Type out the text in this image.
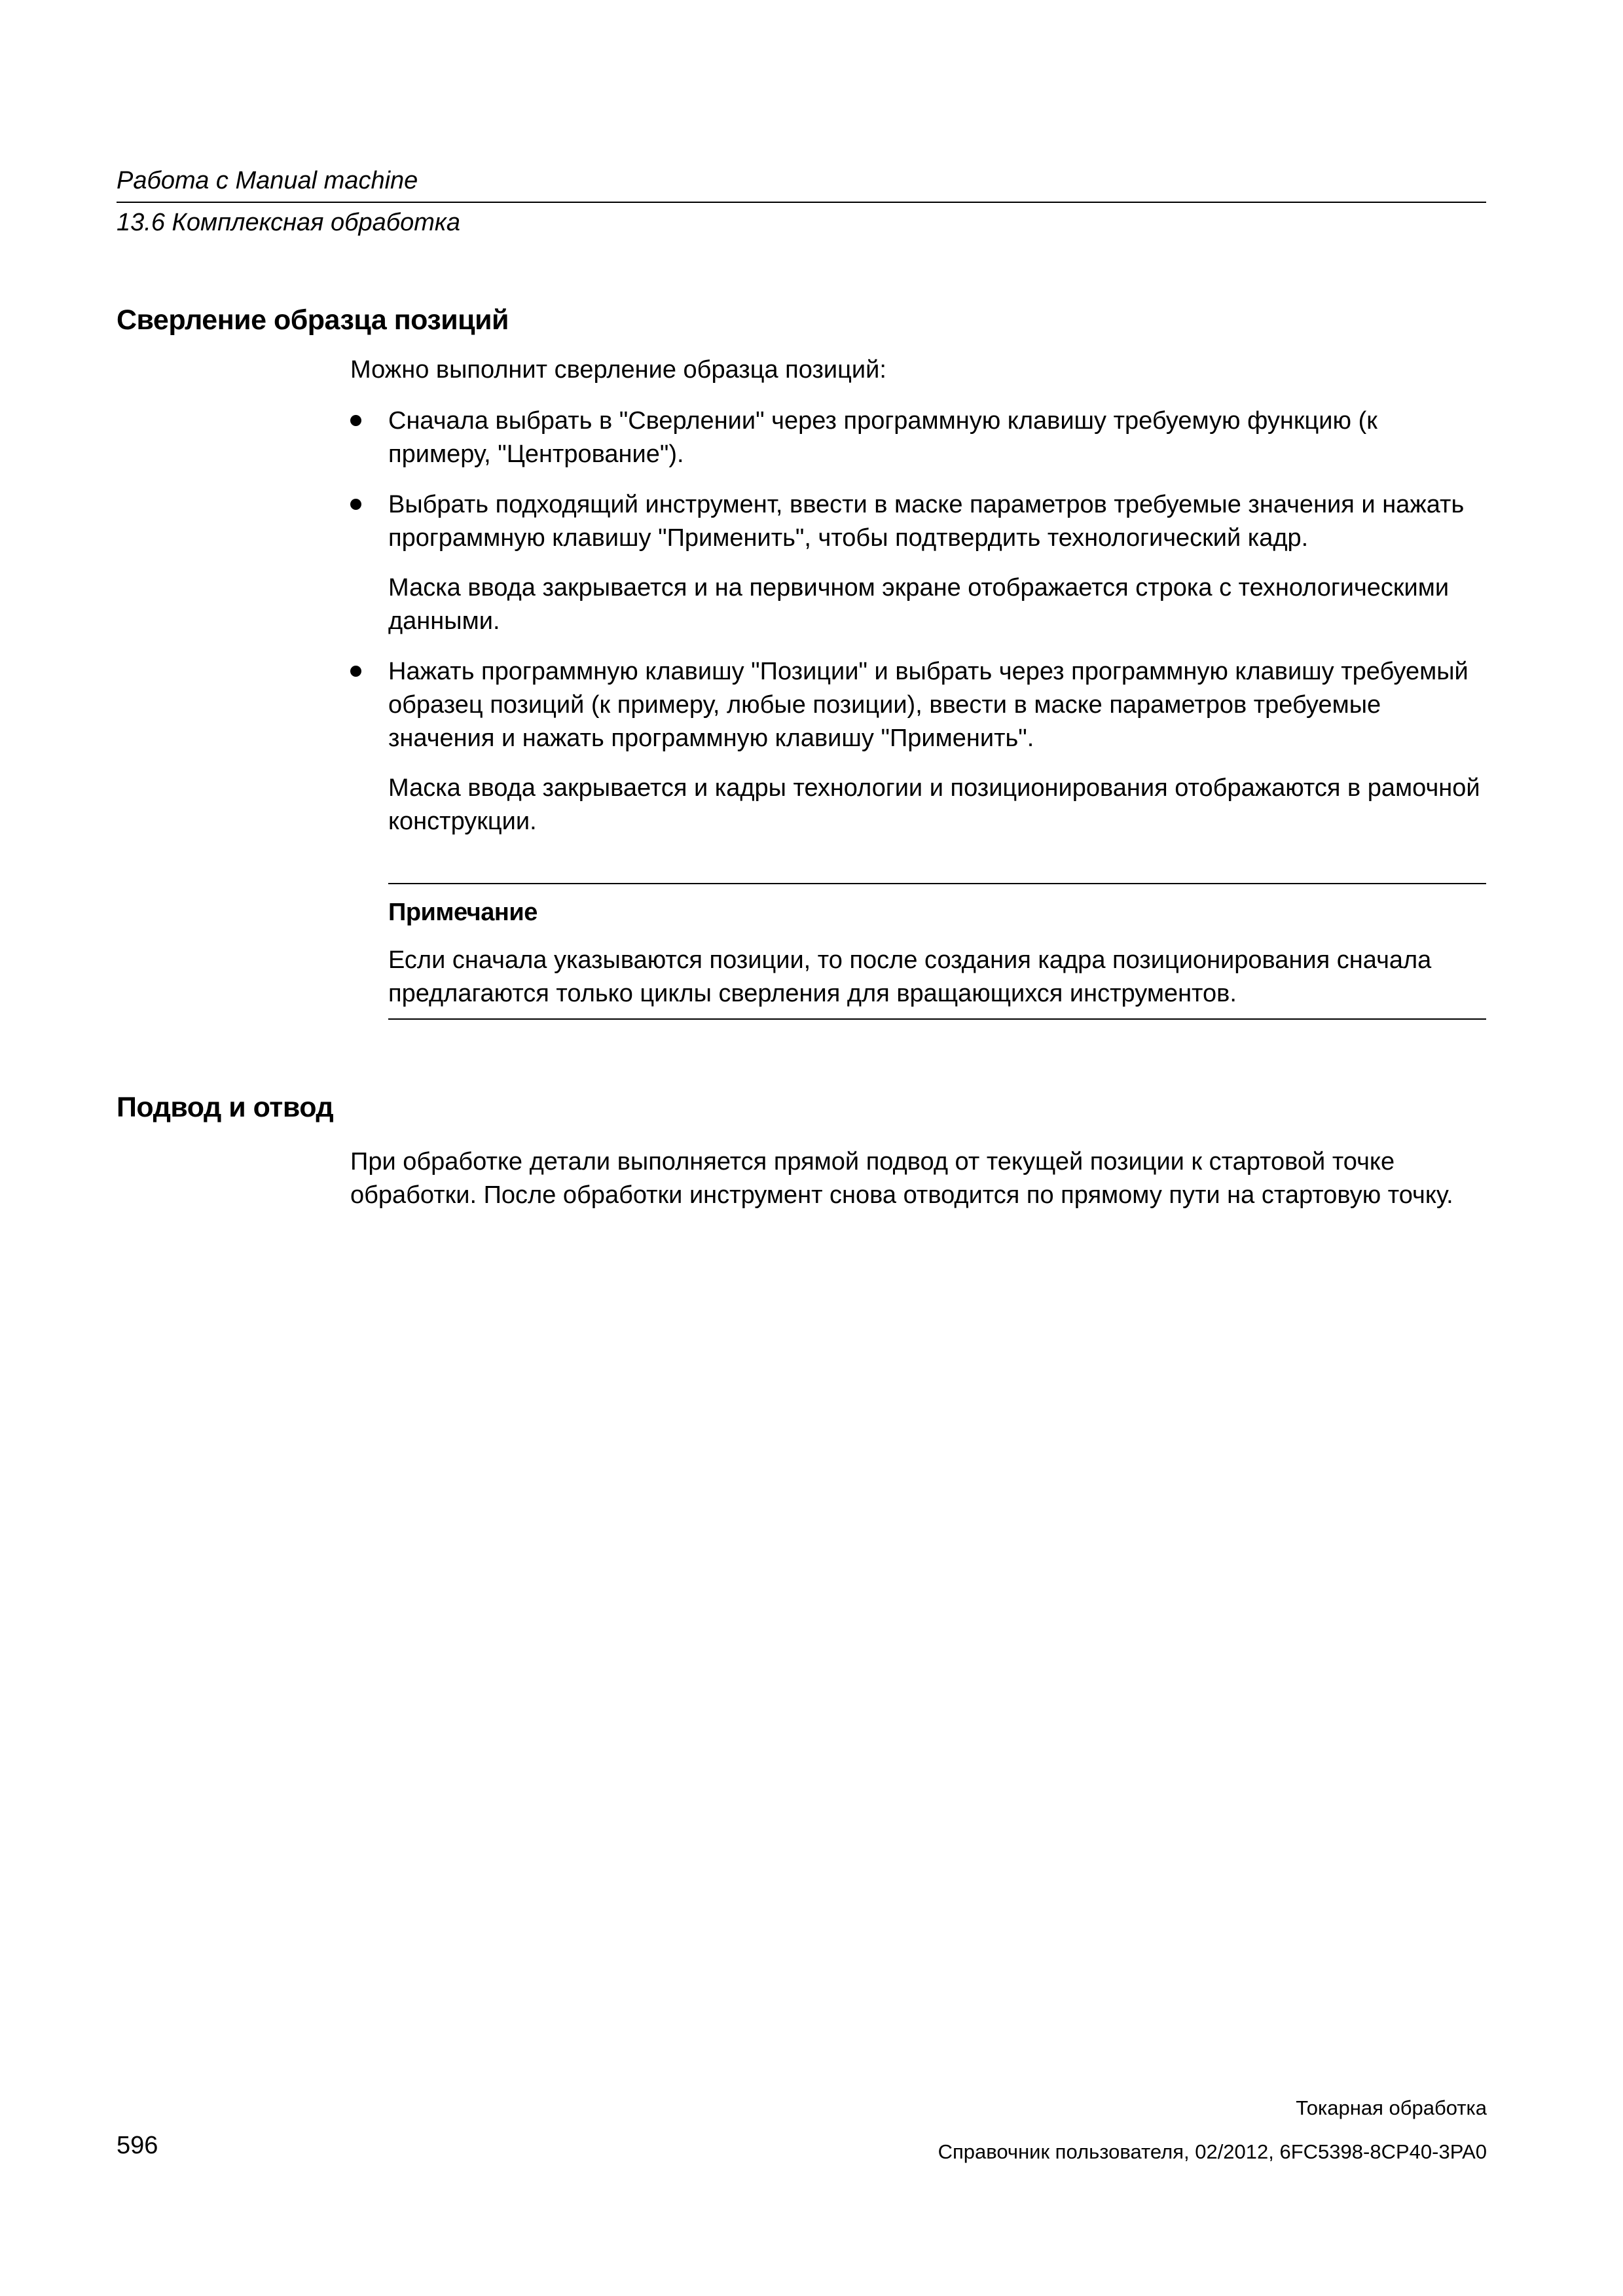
Работа с Manual machine
13.6 Комплексная обработка
Сверление образца позиций

Можно выполнит сверление образца позиций:

Сначала выбрать в "Сверлении" через программную клавишу требуемую функцию (к примеру, "Центрование").
Выбрать подходящий инструмент, ввести в маске параметров требуемые значения и нажать программную клавишу "Применить", чтобы подтвердить технологический кадр.
Маска ввода закрывается и на первичном экране отображается строка с технологическими данными.
Нажать программную клавишу "Позиции" и выбрать через программную клавишу требуемый образец позиций (к примеру, любые позиции), ввести в маске параметров требуемые значения и нажать программную клавишу "Применить".
Маска ввода закрывается и кадры технологии и позиционирования отображаются в рамочной конструкции.
Примечание
Если сначала указываются позиции, то после создания кадра позиционирования сначала предлагаются только циклы сверления для вращающихся инструментов.
Подвод и отвод

При обработке детали выполняется прямой подвод от текущей позиции к стартовой точке обработки. После обработки инструмент снова отводится по прямому пути на стартовую точку.

596
Токарная обработка
Справочник пользователя, 02/2012, 6FC5398-8CP40-3PA0
